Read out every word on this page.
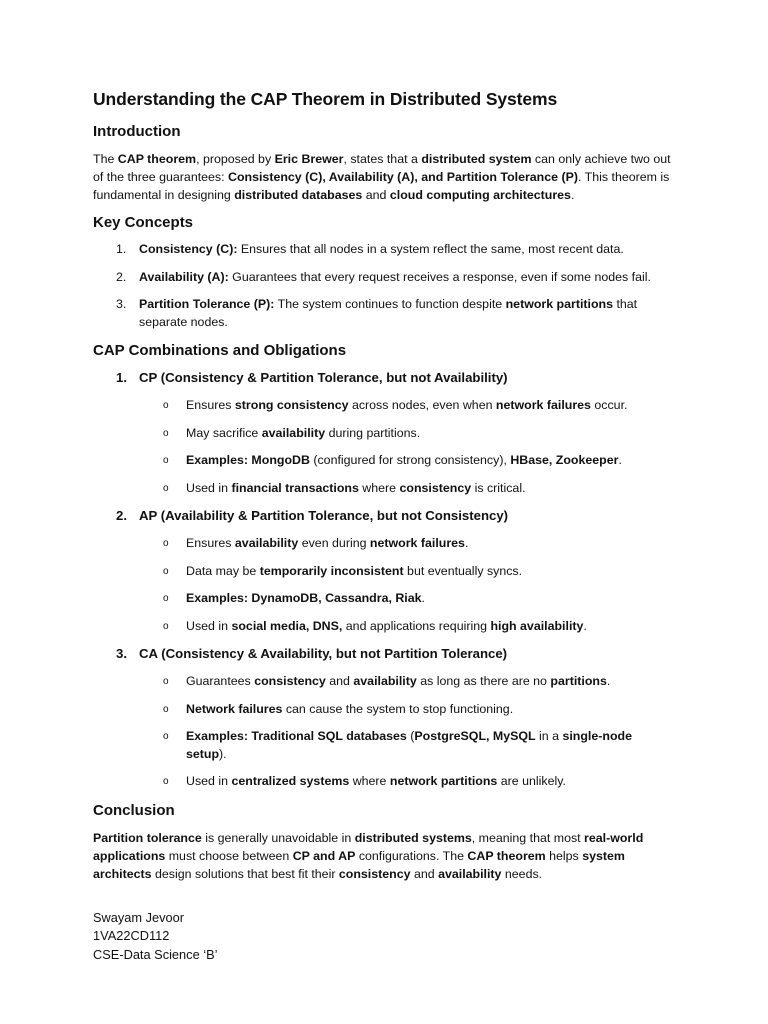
Understanding the CAP Theorem in Distributed Systems
Introduction

The CAP theorem, proposed by Eric Brewer, states that a distributed system can only achieve two out of the three guarantees: Consistency (C), Availability (A), and Partition Tolerance (P). This theorem is fundamental in designing distributed databases and cloud computing architectures.

Key Concepts
1. Consistency (C): Ensures that all nodes in a system reflect the same, most recent data.
2. Availability (A): Guarantees that every request receives a response, even if some nodes fail.
3. Partition Tolerance (P): The system continues to function despite network partitions that separate nodes.
CAP Combinations and Obligations
1. CP (Consistency & Partition Tolerance, but not Availability)
o Ensures strong consistency across nodes, even when network failures occur.
o May sacrifice availability during partitions.
o Examples: MongoDB (configured for strong consistency), HBase, Zookeeper.
o Used in financial transactions where consistency is critical.
2. AP (Availability & Partition Tolerance, but not Consistency)
o Ensures availability even during network failures.
o Data may be temporarily inconsistent but eventually syncs.
o Examples: DynamoDB, Cassandra, Riak.
o Used in social media, DNS, and applications requiring high availability.
3. CA (Consistency & Availability, but not Partition Tolerance)
o Guarantees consistency and availability as long as there are no partitions.
o Network failures can cause the system to stop functioning.
o Examples: Traditional SQL databases (PostgreSQL, MySQL in a single-node setup).
o Used in centralized systems where network partitions are unlikely.
Conclusion

Partition tolerance is generally unavoidable in distributed systems, meaning that most real-world applications must choose between CP and AP configurations. The CAP theorem helps system architects design solutions that best fit their consistency and availability needs.

Swayam Jevoor
1VA22CD112
CSE-Data Science ‘B’
